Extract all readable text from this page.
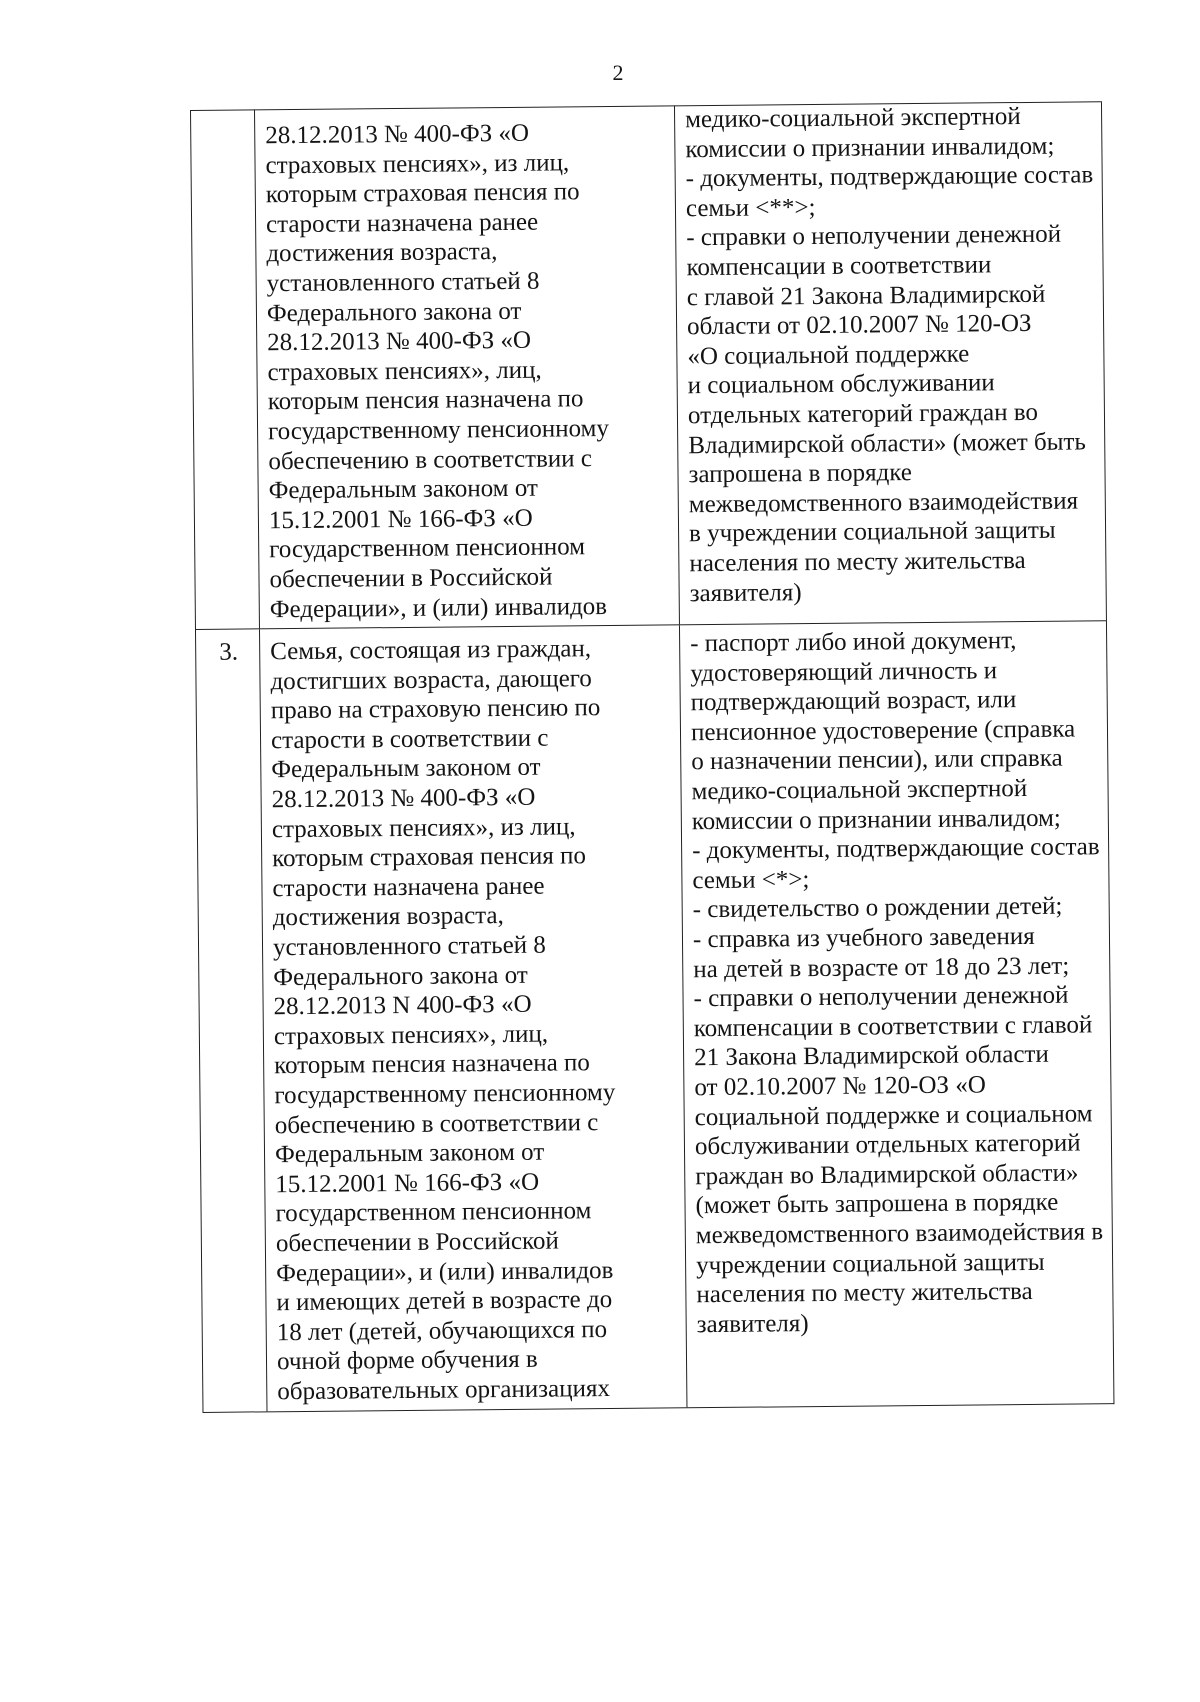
2
28.12.2013 № 400-ФЗ «О
страховых пенсиях», из лиц,
которым страховая пенсия по
старости назначена ранее
достижения возраста,
установленного статьей 8
Федерального закона от
28.12.2013 № 400-ФЗ «О
страховых пенсиях», лиц,
которым пенсия назначена по
государственному пенсионному
обеспечению в соответствии с
Федеральным законом от
15.12.2001 № 166-ФЗ «О
государственном пенсионном
обеспечении в Российской
Федерации», и (или) инвалидов
медико-социальной экспертной
комиссии о признании инвалидом;
- документы, подтверждающие состав
семьи <**>;
- справки о неполучении денежной
компенсации в соответствии
с главой 21 Закона Владимирской
области от 02.10.2007 № 120-ОЗ
«О социальной поддержке
и социальном обслуживании
отдельных категорий граждан во
Владимирской области» (может быть
запрошена в порядке
межведомственного взаимодействия
в учреждении социальной защиты
населения по месту жительства
заявителя)
3.	Семья, состоящая из граждан,
достигших возраста, дающего
право на страховую пенсию по
старости в соответствии с
Федеральным законом от
28.12.2013 № 400-ФЗ «О
страховых пенсиях», из лиц,
которым страховая пенсия по
старости назначена ранее
достижения возраста,
установленного статьей 8
Федерального закона от
28.12.2013 N 400-ФЗ «О
страховых пенсиях», лиц,
которым пенсия назначена по
государственному пенсионному
обеспечению в соответствии с
Федеральным законом от
15.12.2001 № 166-ФЗ «О
государственном пенсионном
обеспечении в Российской
Федерации», и (или) инвалидов
и имеющих детей в возрасте до
18 лет (детей, обучающихся по
очной форме обучения в
образовательных организациях
- паспорт либо иной документ,
удостоверяющий личность и
подтверждающий возраст, или
пенсионное удостоверение (справка
о назначении пенсии), или справка
медико-социальной экспертной
комиссии о признании инвалидом;
- документы, подтверждающие состав
семьи <*>;
- свидетельство о рождении детей;
- справка из учебного заведения
на детей в возрасте от 18 до 23 лет;
- справки о неполучении денежной
компенсации в соответствии с главой
21 Закона Владимирской области
от 02.10.2007 № 120-ОЗ «О
социальной поддержке и социальном
обслуживании отдельных категорий
граждан во Владимирской области»
(может быть запрошена в порядке
межведомственного взаимодействия в
учреждении социальной защиты
населения по месту жительства
заявителя)
